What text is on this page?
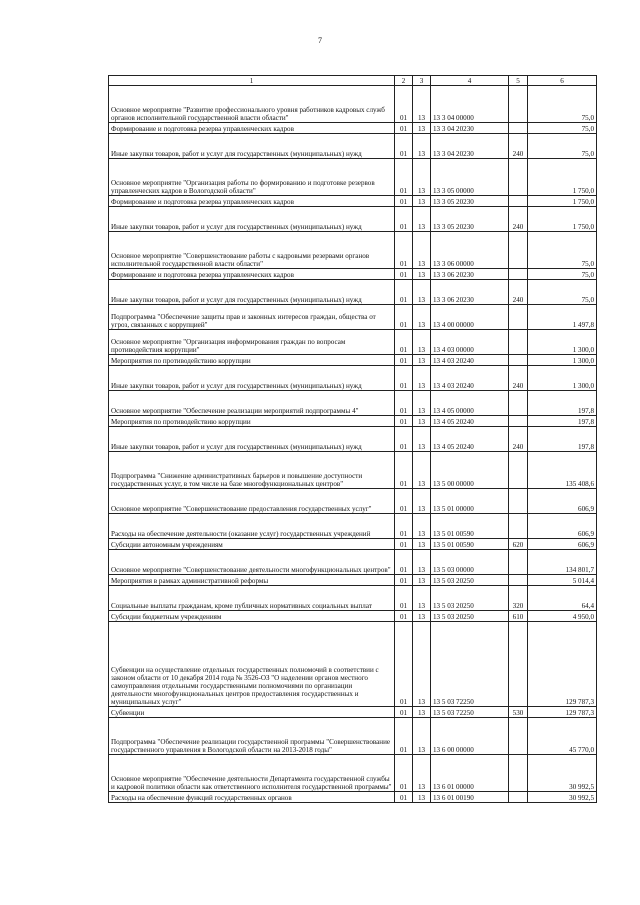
7
1	2	3	4	5	6
Основное мероприятие "Развитие профессионального уровня работников кадровых служб органов исполнительной государственной власти области"	01	13	13 3 04 00000		75,0
Формирование и подготовка резерва управленческих кадров	01	13	13 3 04 20230		75,0
Иные закупки товаров, работ и услуг для государственных (муниципальных) нужд	01	13	13 3 04 20230	240	75,0
Основное мероприятие "Организация работы по формированию и подготовке резервов управленческих кадров в Вологодской области"	01	13	13 3 05 00000		1 750,0
Формирование и подготовка резерва управленческих кадров	01	13	13 3 05 20230		1 750,0
Иные закупки товаров, работ и услуг для государственных (муниципальных) нужд	01	13	13 3 05 20230	240	1 750,0
Основное мероприятие "Совершенствование работы с кадровыми резервами органов исполнительной государственной власти области"	01	13	13 3 06 00000		75,0
Формирование и подготовка резерва управленческих кадров	01	13	13 3 06 20230		75,0
Иные закупки товаров, работ и услуг для государственных (муниципальных) нужд	01	13	13 3 06 20230	240	75,0
Подпрограмма "Обеспечение защиты прав и законных интересов граждан, общества от угроз, связанных с коррупцией"	01	13	13 4 00 00000		1 497,8
Основное мероприятие "Организация информирования граждан по вопросам противодействия коррупции"	01	13	13 4 03 00000		1 300,0
Мероприятия по противодействию коррупции	01	13	13 4 03 20240		1 300,0
Иные закупки товаров, работ и услуг для государственных (муниципальных) нужд	01	13	13 4 03 20240	240	1 300,0
Основное мероприятие "Обеспечение реализации мероприятий подпрограммы 4"	01	13	13 4 05 00000		197,8
Мероприятия по противодействию коррупции	01	13	13 4 05 20240		197,8
Иные закупки товаров, работ и услуг для государственных (муниципальных) нужд	01	13	13 4 05 20240	240	197,8
Подпрограмма "Снижение административных барьеров и повышение доступности государственных услуг, в том числе на базе многофункциональных центров"	01	13	13 5 00 00000		135 408,6
Основное мероприятие "Совершенствование предоставления государственных услуг"	01	13	13 5 01 00000		606,9
Расходы на обеспечение деятельности (оказание услуг) государственных учреждений	01	13	13 5 01 00590		606,9
Субсидии автономным учреждениям	01	13	13 5 01 00590	620	606,9
Основное мероприятие "Совершенствование деятельности многофункциональных центров"	01	13	13 5 03 00000		134 801,7
Мероприятия в рамках административной реформы	01	13	13 5 03 20250		5 014,4
Социальные выплаты гражданам, кроме публичных нормативных социальных выплат	01	13	13 5 03 20250	320	64,4
Субсидии бюджетным учреждениям	01	13	13 5 03 20250	610	4 950,0
Субвенции на осуществление отдельных государственных полномочий в соответствии с законом области от 10 декабря 2014 года № 3526-ОЗ "О наделении органов местного самоуправления отдельными государственными полномочиями по организации деятельности многофункциональных центров предоставления государственных и муниципальных услуг"	01	13	13 5 03 72250		129 787,3
Субвенции	01	13	13 5 03 72250	530	129 787,3
Подпрограмма "Обеспечение реализации государственной программы "Совершенствование государственного управления в Вологодской области на 2013-2018 годы"	01	13	13 6 00 00000		45 770,0
Основное мероприятие "Обеспечение деятельности Департамента государственной службы и кадровой политики области как ответственного исполнителя государственной программы"	01	13	13 6 01 00000		30 992,5
Расходы на обеспечение функций государственных органов	01	13	13 6 01 00190		30 992,5
